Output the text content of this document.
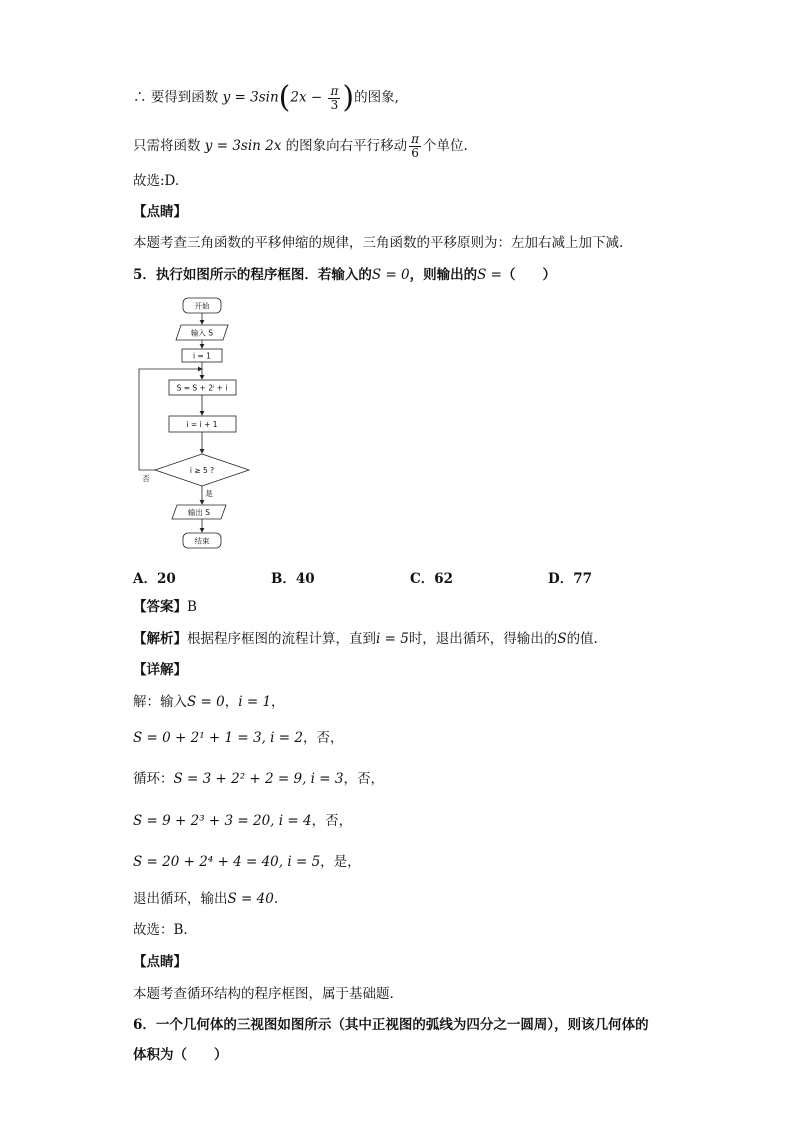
∴ 要得到函数 $y = 3\sin(2x - \frac{\pi}{3}$ )的图象,
只需将函数 y = 3sin 2x 的图象向右平行移动 $\frac{\pi}{6}$ 个单位.
故选:D.
【点睛】
本题考查三角函数的平移伸缩的规律，三角函数的平移原则为：左加右减上加下减.
5．执行如图所示的程序框图．若输入的S = 0，则输出的S =（　　）
开始
输入 S
i = 1
S = S + 2ⁱ + i
i = i + 1
i ≥ 5 ?
否
是
输出 S
结束
A．20	B．40	C．62	D．77
【答案】B
【解析】根据程序框图的流程计算，直到i = 5时，退出循环，得输出的S的值.
【详解】
解：输入S = 0，i = 1，
S = 0 + 2¹ + 1 = 3, i = 2，否，
循环：S = 3 + 2² + 2 = 9, i = 3，否，
S = 9 + 2³ + 3 = 20, i = 4，否，
S = 20 + 2⁴ + 4 = 40, i = 5，是，
退出循环，输出S = 40.
故选：B.
【点睛】
本题考查循环结构的程序框图，属于基础题.
6．一个几何体的三视图如图所示（其中正视图的弧线为四分之一圆周），则该几何体的
体积为（　　）
